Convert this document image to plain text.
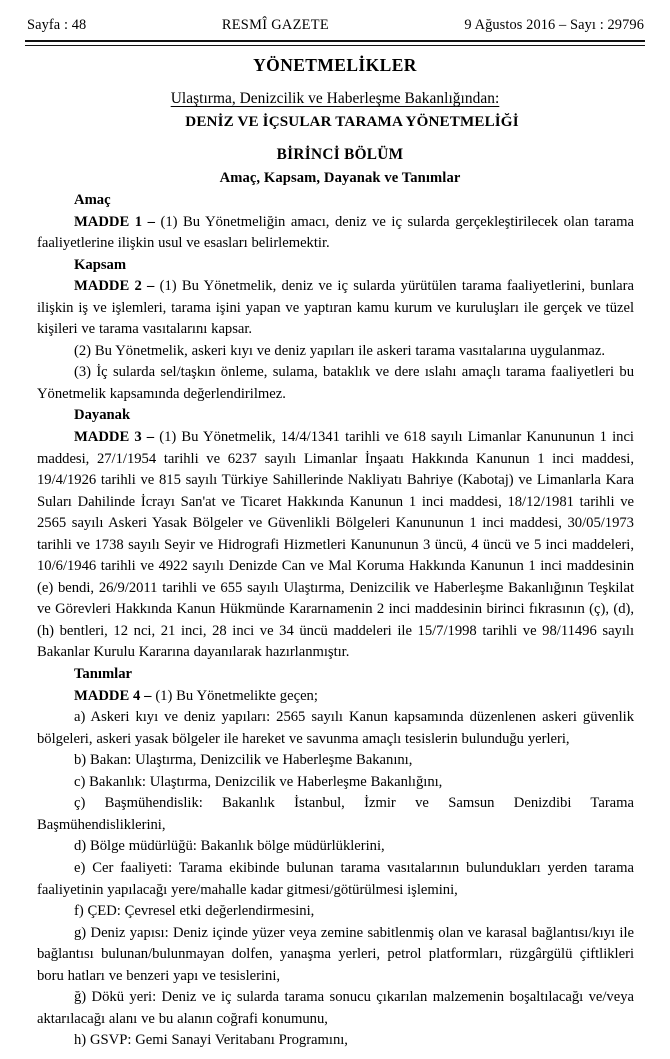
Sayfa : 48	RESMÎ GAZETE	9 Ağustos 2016 – Sayı : 29796
YÖNETMELİKLER
Ulaştırma, Denizcilik ve Haberleşme Bakanlığından:
DENİZ VE İÇSULAR TARAMA YÖNETMELİĞİ
BİRİNCİ BÖLÜM
Amaç, Kapsam, Dayanak ve Tanımlar

Amaç

MADDE 1 – (1) Bu Yönetmeliğin amacı, deniz ve iç sularda gerçekleştirilecek olan tarama faaliyetlerine ilişkin usul ve esasları belirlemektir.

Kapsam

MADDE 2 – (1) Bu Yönetmelik, deniz ve iç sularda yürütülen tarama faaliyetlerini, bunlara ilişkin iş ve işlemleri, tarama işini yapan ve yaptıran kamu kurum ve kuruluşları ile gerçek ve tüzel kişileri ve tarama vasıtalarını kapsar.

(2) Bu Yönetmelik, askeri kıyı ve deniz yapıları ile askeri tarama vasıtalarına uygulanmaz.

(3) İç sularda sel/taşkın önleme, sulama, bataklık ve dere ıslahı amaçlı tarama faaliyetleri bu Yönetmelik kapsamında değerlendirilmez.

Dayanak

MADDE 3 – (1) Bu Yönetmelik, 14/4/1341 tarihli ve 618 sayılı Limanlar Kanununun 1 inci maddesi, 27/1/1954 tarihli ve 6237 sayılı Limanlar İnşaatı Hakkında Kanunun 1 inci maddesi, 19/4/1926 tarihli ve 815 sayılı Türkiye Sahillerinde Nakliyatı Bahriye (Kabotaj) ve Limanlarla Kara Suları Dahilinde İcrayı San'at ve Ticaret Hakkında Kanunun 1 inci maddesi, 18/12/1981 tarihli ve 2565 sayılı Askeri Yasak Bölgeler ve Güvenlikli Bölgeleri Kanununun 1 inci maddesi, 30/05/1973 tarihli ve 1738 sayılı Seyir ve Hidrografi Hizmetleri Kanununun 3 üncü, 4 üncü ve 5 inci maddeleri, 10/6/1946 tarihli ve 4922 sayılı Denizde Can ve Mal Koruma Hakkında Kanunun 1 inci maddesinin (e) bendi, 26/9/2011 tarihli ve 655 sayılı Ulaştırma, Denizcilik ve Haberleşme Bakanlığının Teşkilat ve Görevleri Hakkında Kanun Hükmünde Kararnamenin 2 inci maddesinin birinci fıkrasının (ç), (d), (h) bentleri, 12 nci, 21 inci, 28 inci ve 34 üncü maddeleri ile 15/7/1998 tarihli ve 98/11496 sayılı Bakanlar Kurulu Kararına dayanılarak hazırlanmıştır.

Tanımlar

MADDE 4 – (1) Bu Yönetmelikte geçen;

a) Askeri kıyı ve deniz yapıları: 2565 sayılı Kanun kapsamında düzenlenen askeri güvenlik bölgeleri, askeri yasak bölgeler ile hareket ve savunma amaçlı tesislerin bulunduğu yerleri,

b) Bakan: Ulaştırma, Denizcilik ve Haberleşme Bakanını,

c) Bakanlık: Ulaştırma, Denizcilik ve Haberleşme Bakanlığını,

ç) Başmühendislik: Bakanlık İstanbul, İzmir ve Samsun Denizdibi Tarama Başmühendisliklerini,

d) Bölge müdürlüğü: Bakanlık bölge müdürlüklerini,

e) Cer faaliyeti: Tarama ekibinde bulunan tarama vasıtalarının bulundukları yerden tarama faaliyetinin yapılacağı yere/mahalle kadar gitmesi/götürülmesi işlemini,

f) ÇED: Çevresel etki değerlendirmesini,

g) Deniz yapısı: Deniz içinde yüzer veya zemine sabitlenmiş olan ve karasal bağlantısı/kıyı ile bağlantısı bulunan/bulunmayan dolfen, yanaşma yerleri, petrol platformları, rüzgârgülü çiftlikleri boru hatları ve benzeri yapı ve tesislerini,

ğ) Dökü yeri: Deniz ve iç sularda tarama sonucu çıkarılan malzemenin boşaltılacağı ve/veya aktarılacağı alanı ve bu alanın coğrafi konumunu,

h) GSVP: Gemi Sanayi Veritabanı Programını,
